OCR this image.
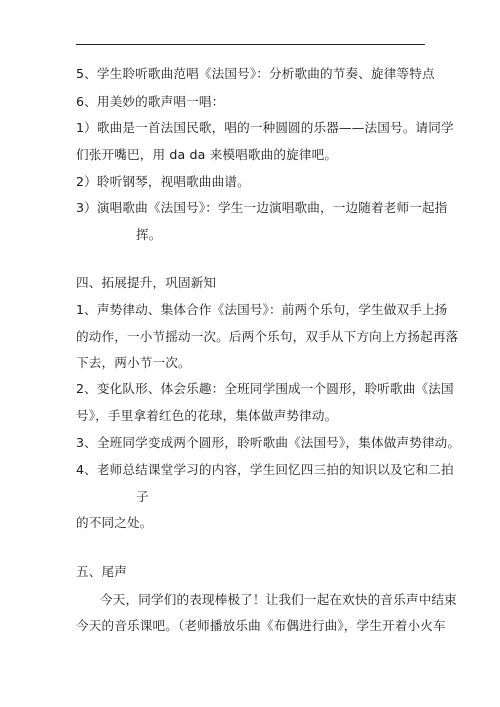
5、学生聆听歌曲范唱《法国号》：分析歌曲的节奏、旋律等特点
6、用美妙的歌声唱一唱：
1）歌曲是一首法国民歌，唱的一种圆圆的乐器——法国号。请同学
们张开嘴巴，用 da da 来模唱歌曲的旋律吧。
2）聆听钢琴，视唱歌曲曲谱。
3）演唱歌曲《法国号》：学生一边演唱歌曲，一边随着老师一起指
挥。
四、拓展提升，巩固新知
1、声势律动、集体合作《法国号》：前两个乐句，学生做双手上扬
的动作，一小节摇动一次。后两个乐句，双手从下方向上方扬起再落
下去，两小节一次。
2、变化队形、体会乐趣：全班同学围成一个圆形，聆听歌曲《法国
号》，手里拿着红色的花球，集体做声势律动。
3、全班同学变成两个圆形，聆听歌曲《法国号》，集体做声势律动。
4、老师总结课堂学习的内容，学生回忆四三拍的知识以及它和二拍
子
的不同之处。
五、尾声
今天，同学们的表现棒极了！让我们一起在欢快的音乐声中结束
今天的音乐课吧。（老师播放乐曲《布偶进行曲》，学生开着小火车
